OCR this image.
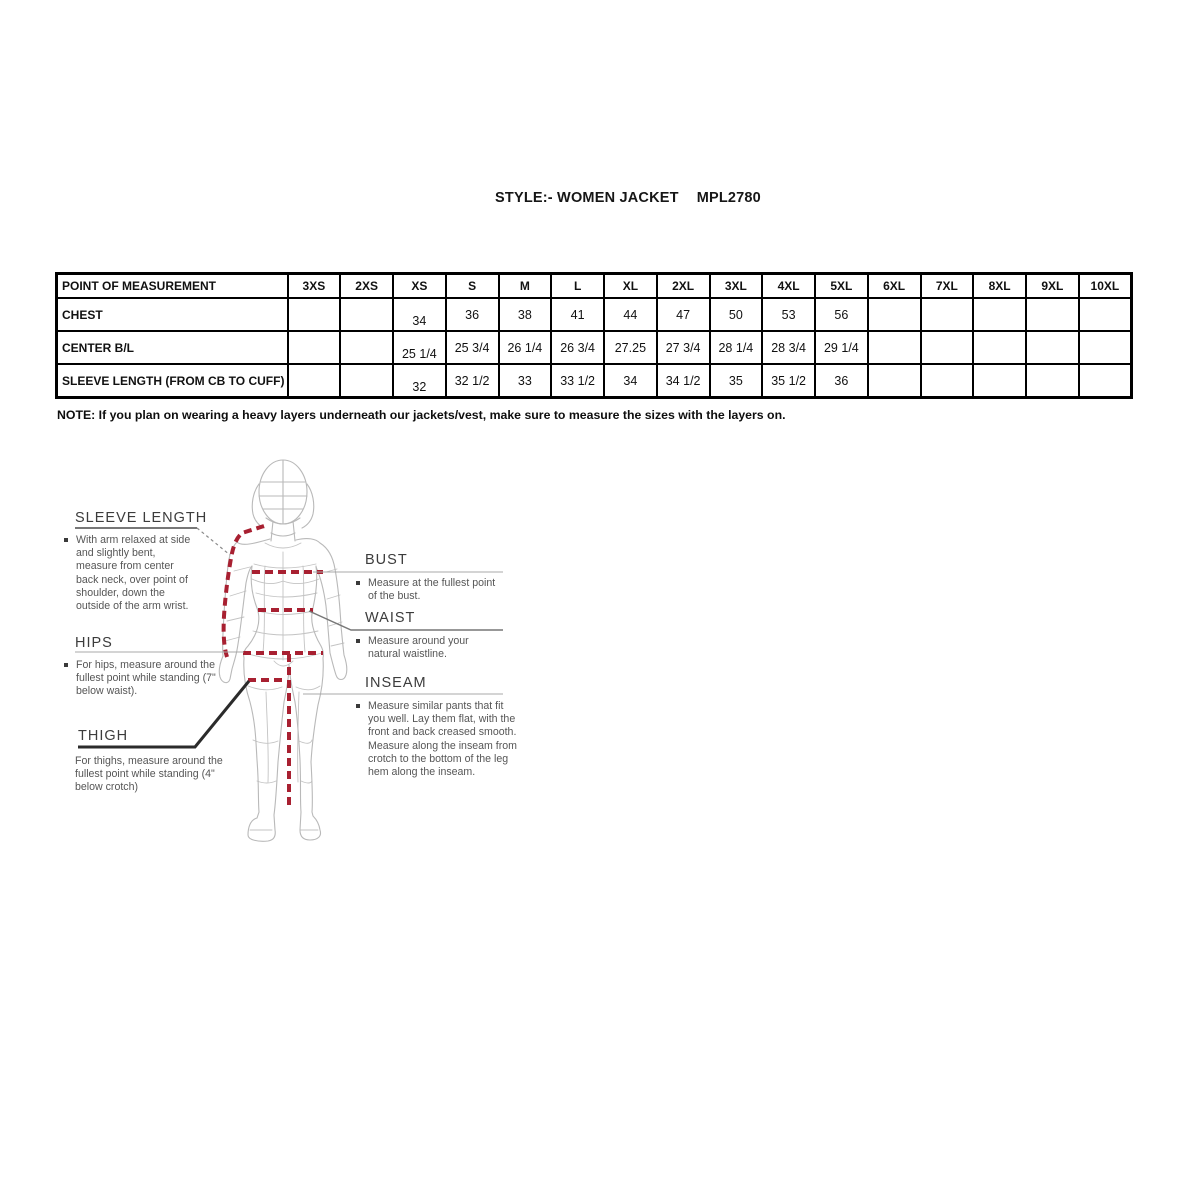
STYLE:- WOMEN JACKET MPL2780
POINT OF MEASUREMENT	3XS	2XS	XS	S	M	L	XL	2XL	3XL	4XL	5XL	6XL	7XL	8XL	9XL	10XL
CHEST			34	36	38	41	44	47	50	53	56					
CENTER B/L			25 1/4	25 3/4	26 1/4	26 3/4	27.25	27 3/4	28 1/4	28 3/4	29 1/4					
SLEEVE LENGTH (FROM CB TO CUFF)			32	32 1/2	33	33 1/2	34	34 1/2	35	35 1/2	36					
NOTE: If you plan on wearing a heavy layers underneath our jackets/vest, make sure to measure the sizes with the layers on.
SLEEVE LENGTH
With arm relaxed at side and slightly bent, measure from center back neck, over point of shoulder, down the outside of the arm wrist.
HIPS
For hips, measure around the fullest point while standing (7" below waist).
THIGH
For thighs, measure around the fullest point while standing (4" below crotch)
BUST
Measure at the fullest point of the bust.
WAIST
Measure around your natural waistline.
INSEAM
Measure similar pants that fit you well. Lay them flat, with the front and back creased smooth. Measure along the inseam from crotch to the bottom of the leg hem along the inseam.
